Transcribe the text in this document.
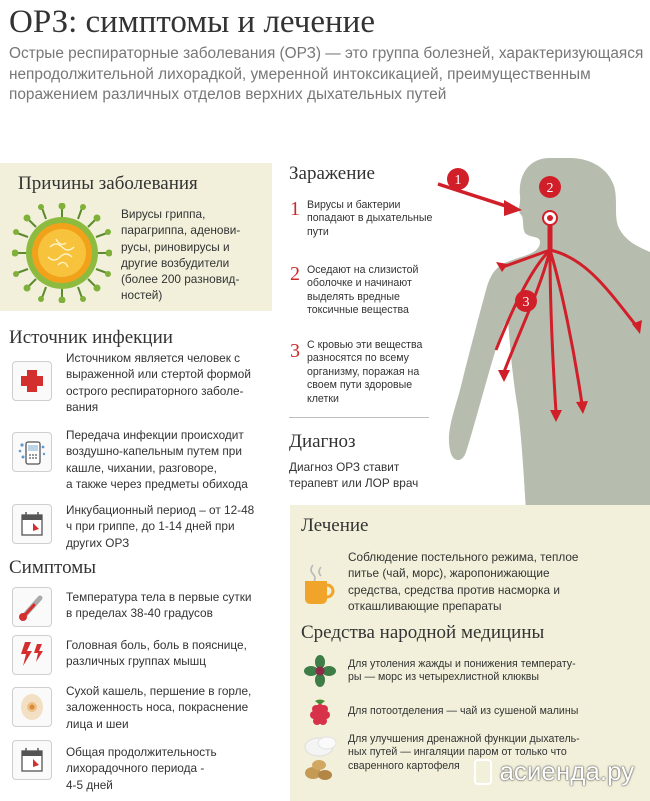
ОРЗ: симптомы и лечение
Острые респираторные заболевания (ОРЗ) — это группа болезней, характеризующаяся непродолжительной лихорадкой, умеренной интоксикацией, преимущественным поражением различных отделов верхних дыхательных путей
Причины заболевания
Вирусы гриппа,
парагриппа, аденови-
русы, риновирусы и
другие возбудители
(более 200 разновид-
ностей)
Источник инфекции
Источником является человек с
выраженной или стертой формой
острого респираторного заболе-
вания
Передача инфекции происходит
воздушно-капельным путем при
кашле, чихании, разговоре,
а также через предметы обихода
Инкубационный период – от 12-48
ч при гриппе, до 1-14 дней при
других ОРЗ
Симптомы
Температура тела в первые сутки
в пределах 38-40 градусов
Головная боль, боль в пояснице,
различных группах мышц
Сухой кашель, першение в горле,
заложенность носа, покраснение
лица и шеи
Общая продолжительность
лихорадочного периода -
4-5 дней
1
2
3
Заражение
1 Вирусы и бактерии
попадают в дыхательные
пути
2 Оседают на слизистой
оболочке и начинают
выделять вредные
токсичные вещества
3 С кровью эти вещества
разносятся по всему
организму, поражая на
своем пути здоровые
клетки
Диагноз
Диагноз ОРЗ ставит
терапевт или ЛОР врач
Лечение
Соблюдение постельного режима, теплое
питье (чай, морс), жаропонижающие
средства, средства против насморка и
откашливающие препараты
Средства народной медицины
Для утоления жажды и понижения температу-
ры — морс из четырехлистной клюквы
Для потоотделения — чай из сушеной малины
Для улучшения дренажной функции дыхатель-
ных путей — ингаляции паром от только что
сваренного картофеля	асиенда.ру
